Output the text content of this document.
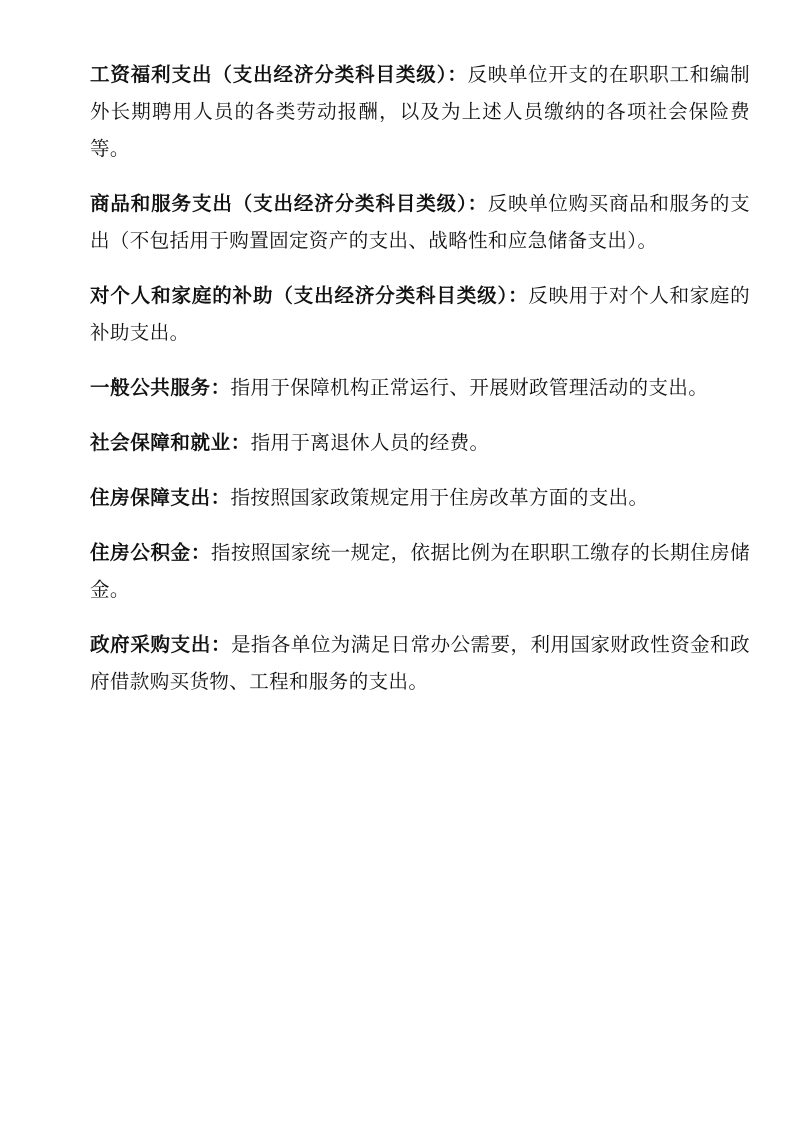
工资福利支出（支出经济分类科目类级）：反映单位开支的在职职工和编制外长期聘用人员的各类劳动报酬，以及为上述人员缴纳的各项社会保险费等。

商品和服务支出（支出经济分类科目类级）：反映单位购买商品和服务的支出（不包括用于购置固定资产的支出、战略性和应急储备支出）。

对个人和家庭的补助（支出经济分类科目类级）：反映用于对个人和家庭的补助支出。

一般公共服务：指用于保障机构正常运行、开展财政管理活动的支出。

社会保障和就业：指用于离退休人员的经费。

住房保障支出：指按照国家政策规定用于住房改革方面的支出。

住房公积金：指按照国家统一规定，依据比例为在职职工缴存的长期住房储金。

政府采购支出：是指各单位为满足日常办公需要，利用国家财政性资金和政府借款购买货物、工程和服务的支出。
